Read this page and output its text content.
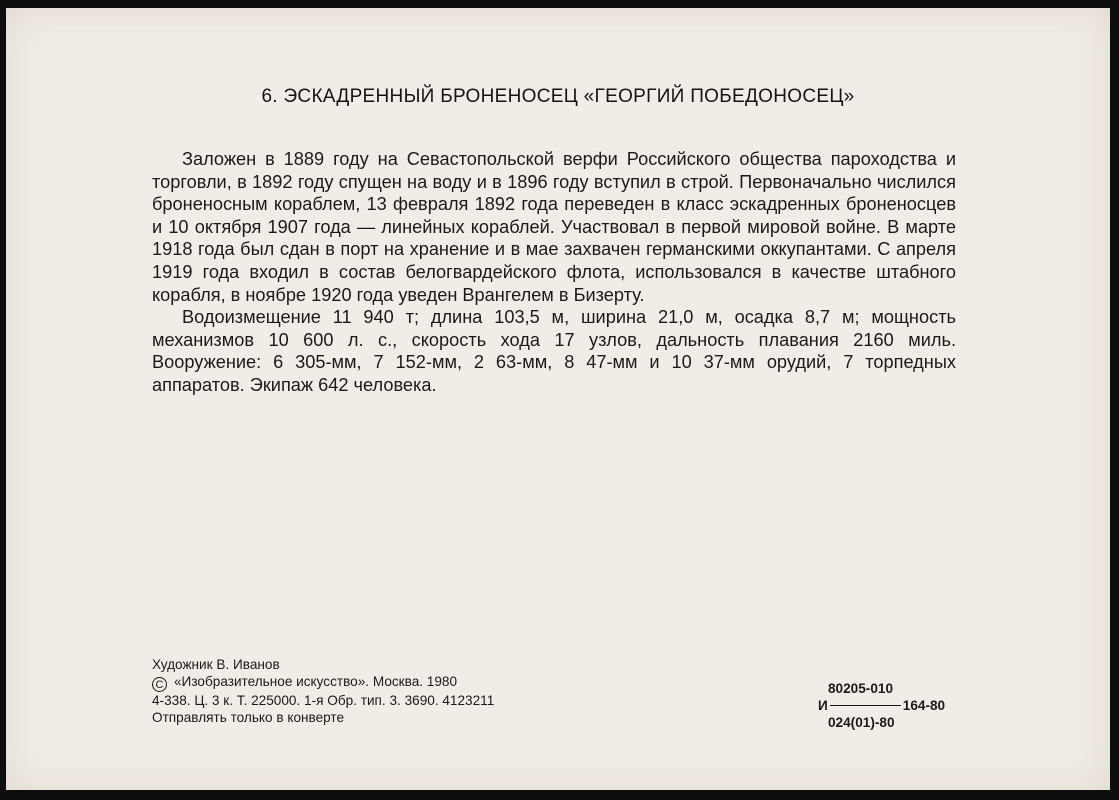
6. ЭСКАДРЕННЫЙ БРОНЕНОСЕЦ «ГЕОРГИЙ ПОБЕДОНОСЕЦ»

Заложен в 1889 году на Севастопольской верфи Российского общества пароходства и торговли, в 1892 году спущен на воду и в 1896 году вступил в строй. Первоначально числился броненосным кораблем, 13 февраля 1892 года переведен в класс эскадренных броненосцев и 10 октября 1907 года — линейных кораблей. Участвовал в первой мировой войне. В марте 1918 года был сдан в порт на хранение и в мае захвачен германскими оккупантами. С апреля 1919 года входил в состав белогвардейского флота, использовался в качестве штабного корабля, в ноябре 1920 года уведен Врангелем в Бизерту.

Водоизмещение 11 940 т; длина 103,5 м, ширина 21,0 м, осадка 8,7 м; мощность механизмов 10 600 л. с., скорость хода 17 узлов, дальность плавания 2160 миль. Вооружение: 6 305-мм, 7 152-мм, 2 63-мм, 8 47-мм и 10 37-мм орудий, 7 торпедных аппаратов. Экипаж 642 человека.

Художник В. Иванов
С «Изобразительное искусство». Москва. 1980
4-338. Ц. 3 к. Т. 225000. 1-я Обр. тип. 3. 3690. 4123211
Отправлять только в конверте
80205-010
И	164-80
024(01)-80
